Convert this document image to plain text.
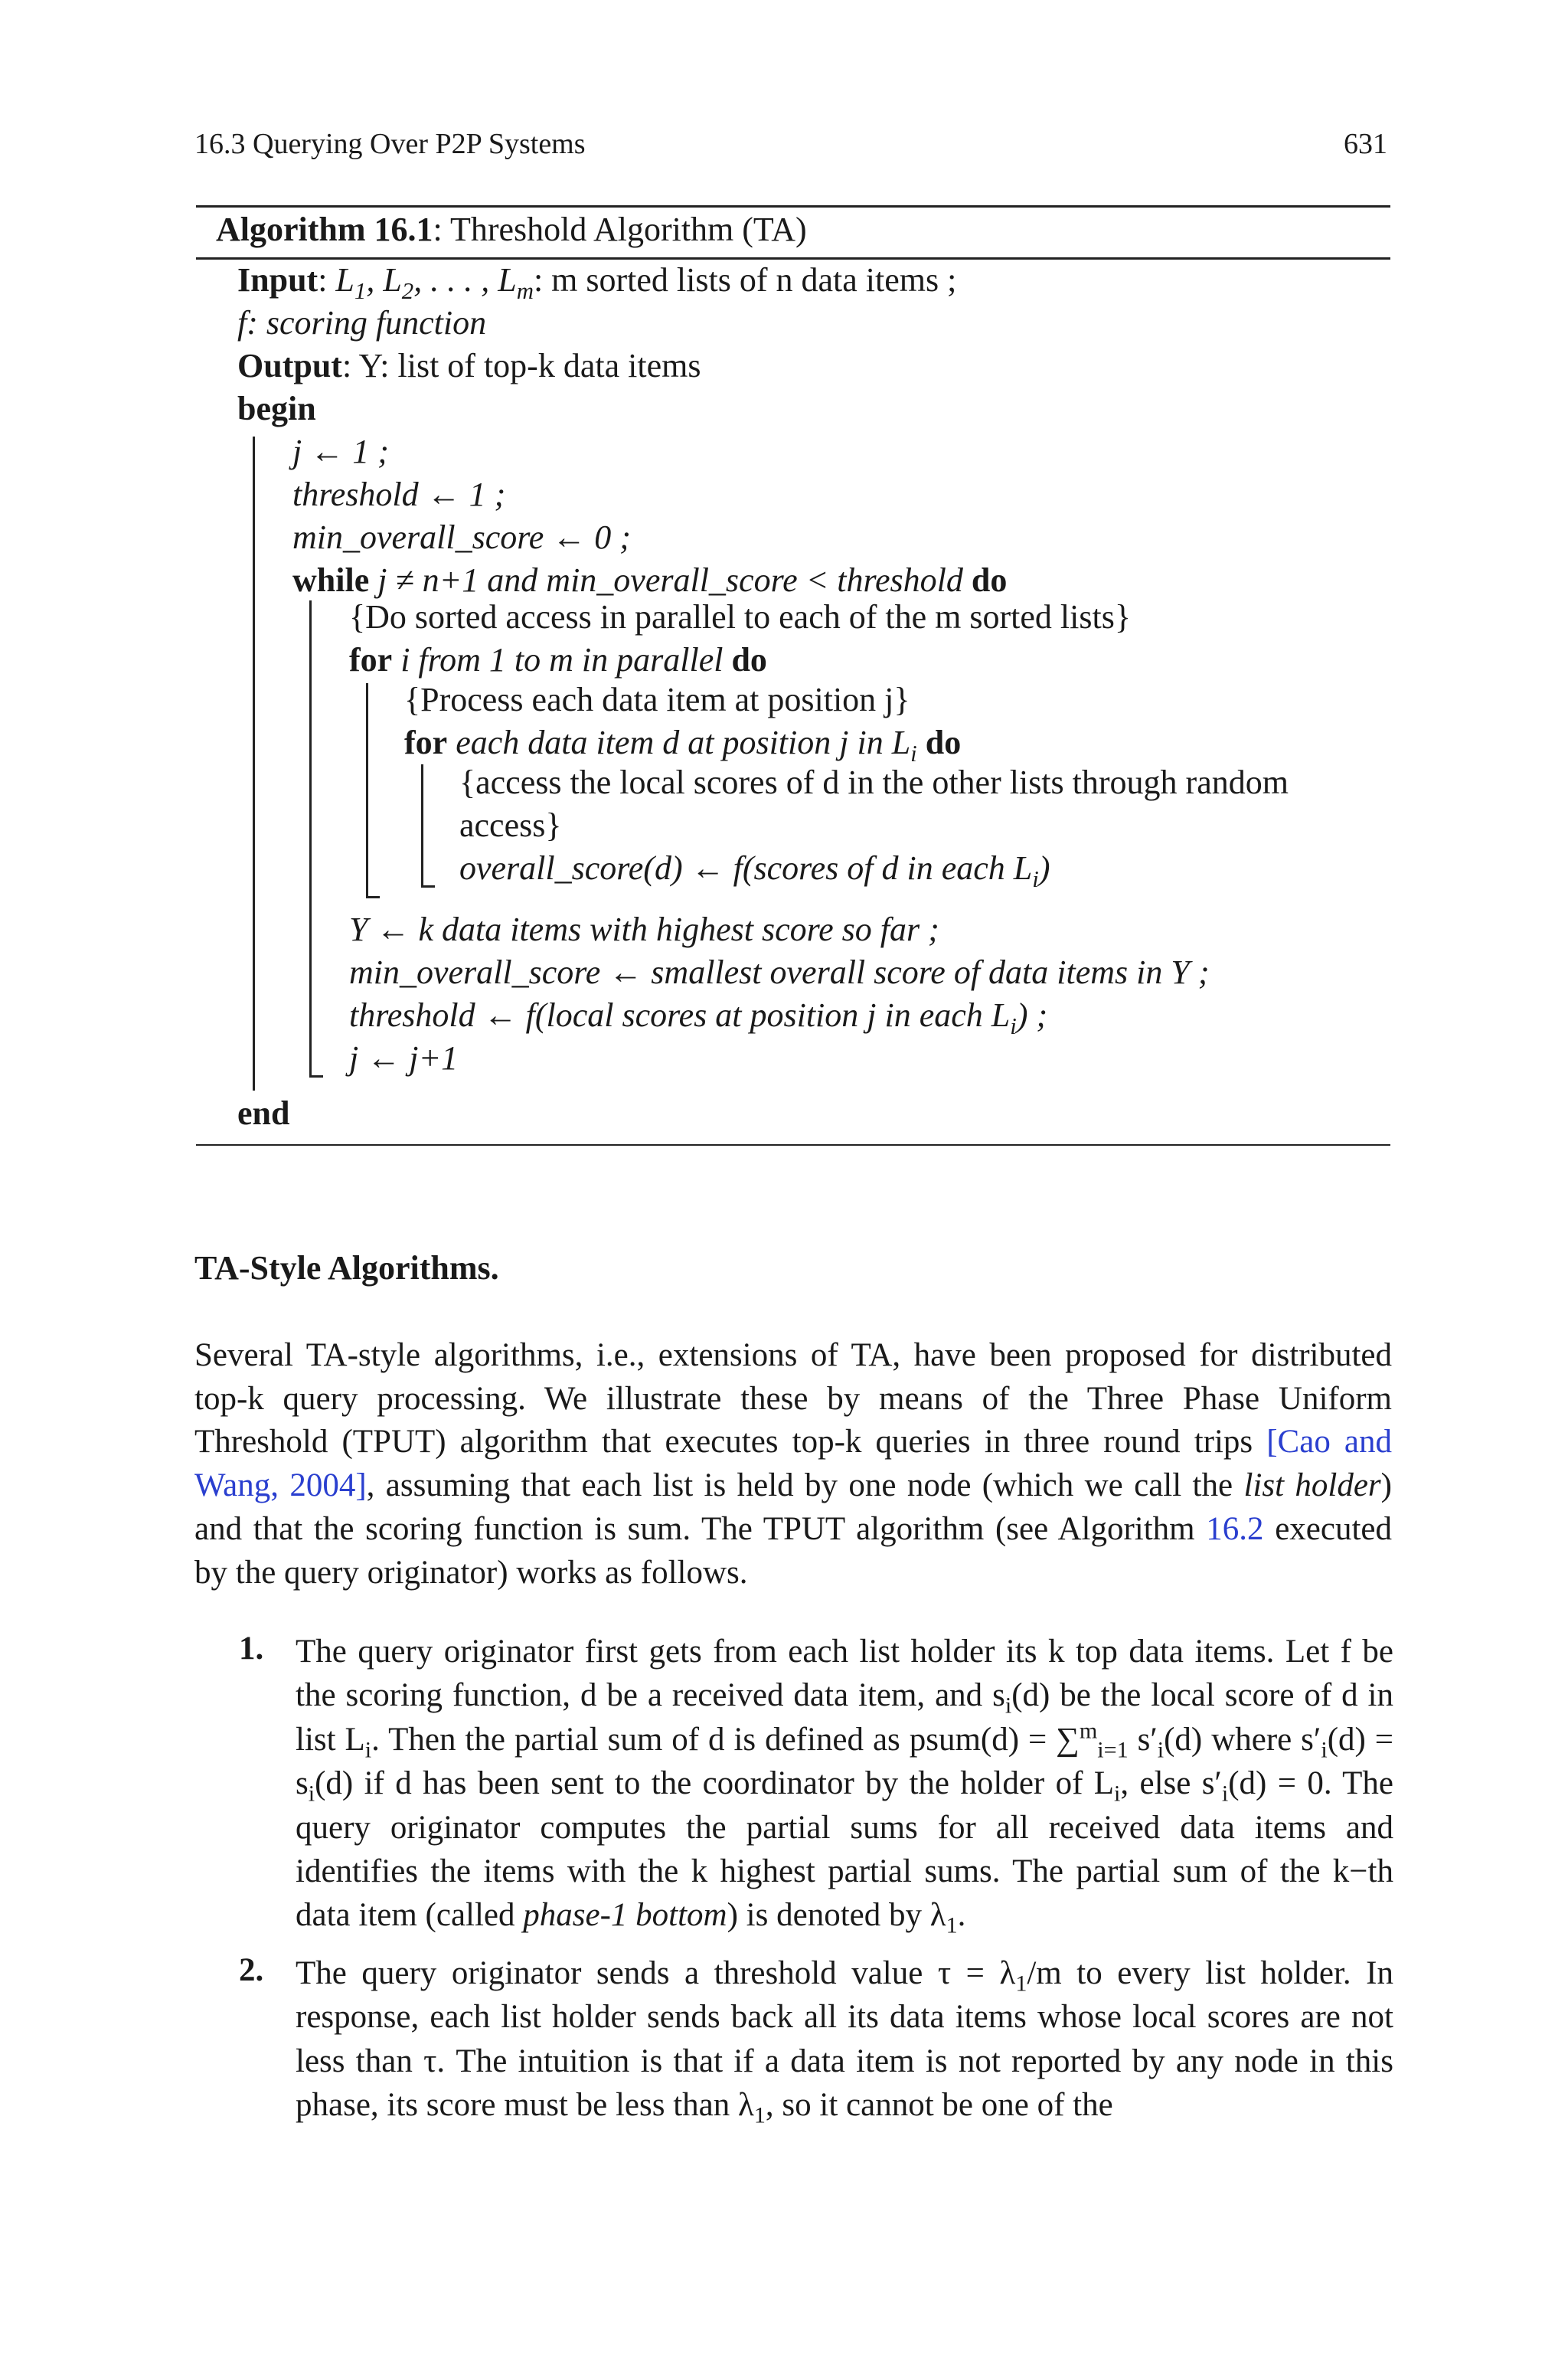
16.3 Querying Over P2P Systems	631
Algorithm 16.1: Threshold Algorithm (TA)
Input: $L_1$, $L_2$, . . . , $L_m$: m sorted lists of n data items ;
f: scoring function
Output: Y: list of top-k data items
begin
j ← 1 ;
threshold ← 1 ;
min_overall_score ← 0 ;
while j ≠ n+1 and min_overall_score < threshold do
{Do sorted access in parallel to each of the m sorted lists}
for i from 1 to m in parallel do
{Process each data item at position j}
for each data item d at position j in $L_i$ do
{access the local scores of d in the other lists through random
access}
overall_score(d) ← f(scores of d in each $L_i$)
Y ← k data items with highest score so far ;
min_overall_score ← smallest overall score of data items in Y ;
threshold ← f(local scores at position j in each $L_i$) ;
j ← j+1
end
TA-Style Algorithms.
Several TA-style algorithms, i.e., extensions of TA, have been proposed for distributed top-k query processing. We illustrate these by means of the Three Phase Uniform Threshold (TPUT) algorithm that executes top-k queries in three round trips [Cao and Wang, 2004], assuming that each list is held by one node (which we call the list holder) and that the scoring function is sum. The TPUT algorithm (see Algorithm 16.2 executed by the query originator) works as follows.
1. The query originator first gets from each list holder its k top data items. Let f be the scoring function, d be a received data item, and $s_i(d)$ be the local score of d in list $L_i$. Then the partial sum of d is defined as psum(d) = ∑$^m_{i=1}$ $s'_i(d)$ where $s'_i(d) = s_i(d)$ if d has been sent to the coordinator by the holder of $L_i$, else $s'_i(d) = 0$. The query originator computes the partial sums for all received data items and identifies the items with the k highest partial sums. The partial sum of the k−th data item (called phase-1 bottom) is denoted by $\lambda_1$.
2. The query originator sends a threshold value $\tau = \lambda_1/m$ to every list holder. In response, each list holder sends back all its data items whose local scores are not less than τ. The intuition is that if a data item is not reported by any node in this phase, its score must be less than $\lambda_1$, so it cannot be one of the
